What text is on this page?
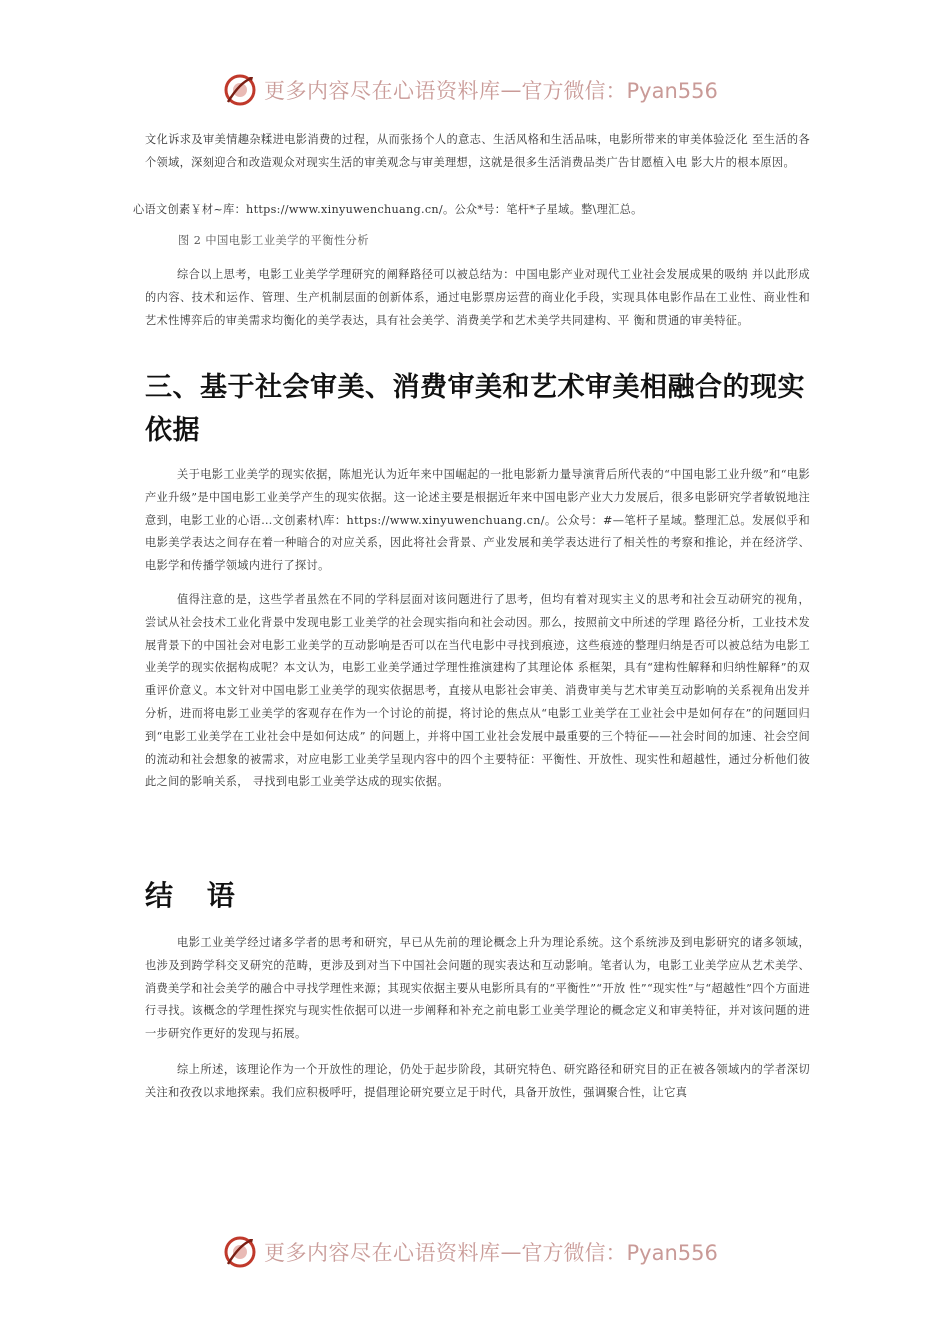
更多内容尽在心语资料库 — 官方微信：Pyan556
文化诉求及审美情趣杂糅进电影消费的过程，从而张扬个人的意志、生活风格和生活品味，电影所带来的审美体验泛化 至生活的各个领域，深刻迎合和改造观众对现实生活的审美观念与审美理想，这就是很多生活消费品类广告甘愿植入电 影大片的根本原因。
心语文创素￥材~库：https://www.xinyuwenchuang.cn/。公众*号：笔杆*子星域。整\理汇总。
图 2 中国电影工业美学的平衡性分析
综合以上思考，电影工业美学学理研究的阐释路径可以被总结为：中国电影产业对现代工业社会发展成果的吸纳 并以此形成的内容、技术和运作、管理、生产机制层面的创新体系，通过电影票房运营的商业化手段，实现具体电影作品在工业性、商业性和艺术性博弈后的审美需求均衡化的美学表达，具有社会美学、消费美学和艺术美学共同建构、平 衡和贯通的审美特征。
三、基于社会审美、消费审美和艺术审美相融合的现实依据
关于电影工业美学的现实依据，陈旭光认为近年来中国崛起的一批电影新力量导演背后所代表的“中国电影工业升级”和“电影产业升级”是中国电影工业美学产生的现实依据。这一论述主要是根据近年来中国电影产业大力发展后，很多电影研究学者敏锐地注意到，电影工业的心语…文创素材\库：https://www.xinyuwenchuang.cn/。公众号：#—笔杆子星域。整理汇总。发展似乎和电影美学表达之间存在着一种暗合的对应关系，因此将社会背景、产业发展和美学表达进行了相关性的考察和推论，并在经济学、电影学和传播学领域内进行了探讨。
值得注意的是，这些学者虽然在不同的学科层面对该问题进行了思考，但均有着对现实主义的思考和社会互动研究的视角，尝试从社会技术工业化背景中发现电影工业美学的社会现实指向和社会动因。那么，按照前文中所述的学理 路径分析，工业技术发展背景下的中国社会对电影工业美学的互动影响是否可以在当代电影中寻找到痕迹，这些痕迹的整理归纳是否可以被总结为电影工业美学的现实依据构成呢？本文认为，电影工业美学通过学理性推演建构了其理论体 系框架，具有“建构性解释和归纳性解释”的双重评价意义。本文针对中国电影工业美学的现实依据思考，直接从电影社会审美、消费审美与艺术审美互动影响的关系视角出发并分析，进而将电影工业美学的客观存在作为一个讨论的前提，将讨论的焦点从“电影工业美学在工业社会中是如何存在”的问题回归到“电影工业美学在工业社会中是如何达成” 的问题上，并将中国工业社会发展中最重要的三个特征——社会时间的加速、社会空间的流动和社会想象的被需求，对应电影工业美学呈现内容中的四个主要特征：平衡性、开放性、现实性和超越性，通过分析他们彼此之间的影响关系， 寻找到电影工业美学达成的现实依据。
结 语
电影工业美学经过诸多学者的思考和研究，早已从先前的理论概念上升为理论系统。这个系统涉及到电影研究的诸多领域，也涉及到跨学科交叉研究的范畴，更涉及到对当下中国社会问题的现实表达和互动影响。笔者认为，电影工业美学应从艺术美学、消费美学和社会美学的融合中寻找学理性来源；其现实依据主要从电影所具有的“平衡性”“开放 性”“现实性”与“超越性”四个方面进行寻找。该概念的学理性探究与现实性依据可以进一步阐释和补充之前电影工业美学理论的概念定义和审美特征，并对该问题的进一步研究作更好的发现与拓展。
综上所述，该理论作为一个开放性的理论，仍处于起步阶段，其研究特色、研究路径和研究目的正在被各领域内的学者深切关注和孜孜以求地探索。我们应积极呼吁，提倡理论研究要立足于时代，具备开放性，强调聚合性，让它真
更多内容尽在心语资料库 — 官方微信：Pyan556
